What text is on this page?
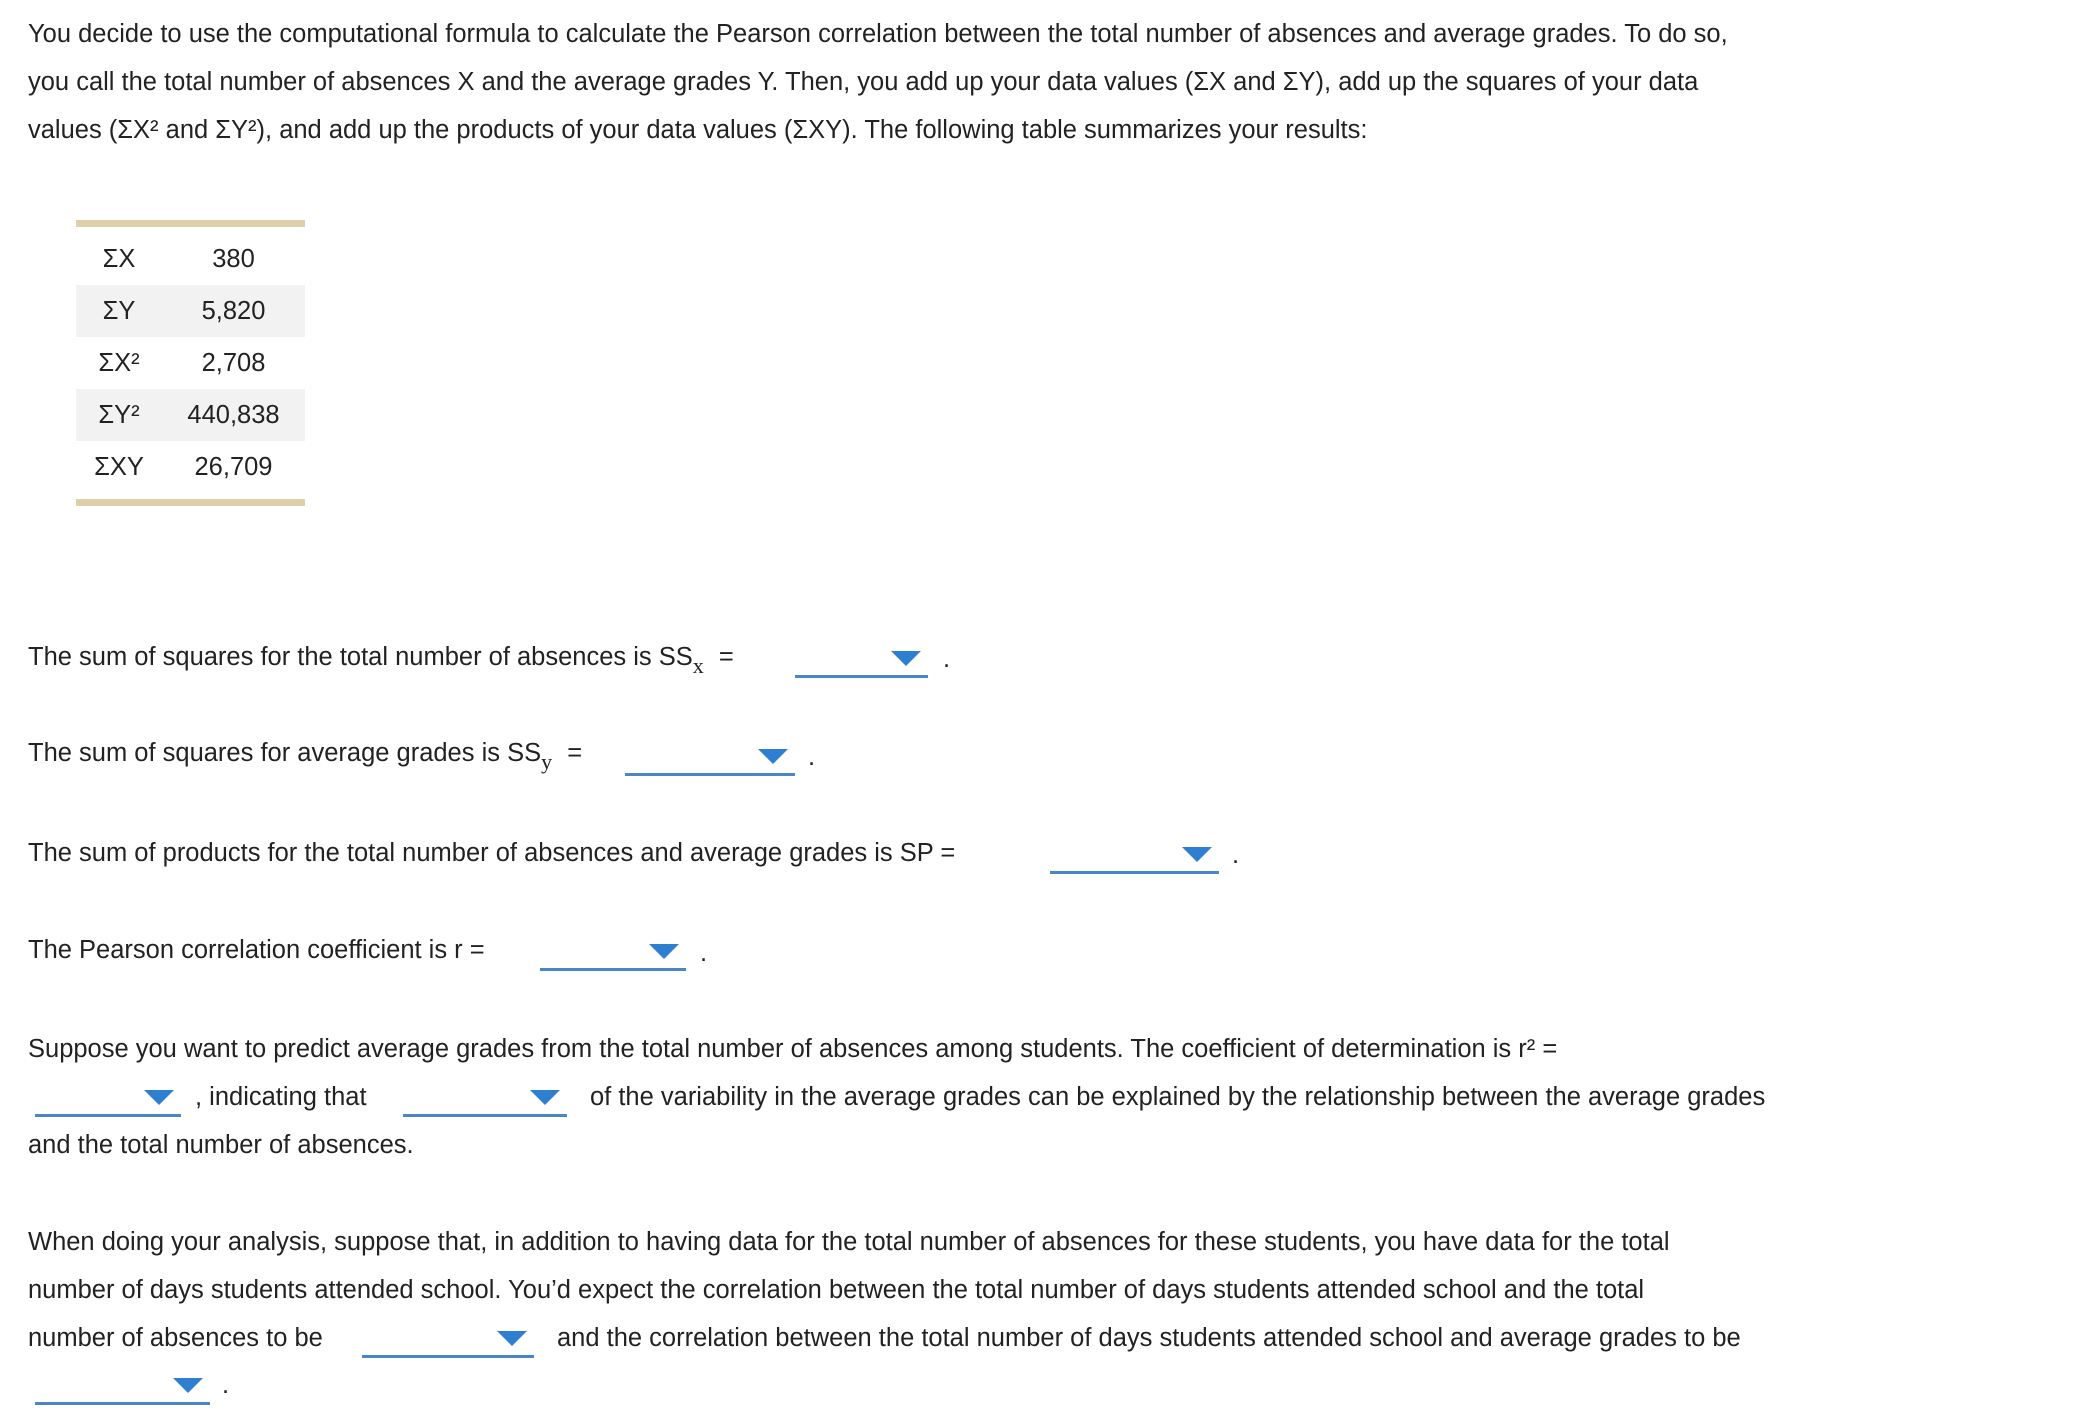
You decide to use the computational formula to calculate the Pearson correlation between the total number of absences and average grades. To do so,
you call the total number of absences X and the average grades Y. Then, you add up your data values (ΣX and ΣY), add up the squares of your data
values (ΣX² and ΣY²), and add up the products of your data values (ΣXY). The following table summarizes your results:

ΣX	380
ΣY	5,820
ΣX²	2,708
ΣY²	440,838
ΣXY	26,709

The sum of squares for the total number of absences is SSx =	.
The sum of squares for average grades is SSy =	.
The sum of products for the total number of absences and average grades is SP =	.
The Pearson correlation coefficient is r =	.
Suppose you want to predict average grades from the total number of absences among students. The coefficient of determination is r² =
, indicating that	of the variability in the average grades can be explained by the relationship between the average grades
and the total number of absences.
When doing your analysis, suppose that, in addition to having data for the total number of absences for these students, you have data for the total
number of days students attended school. You’d expect the correlation between the total number of days students attended school and the total
number of absences to be	and the correlation between the total number of days students attended school and average grades to be
.
